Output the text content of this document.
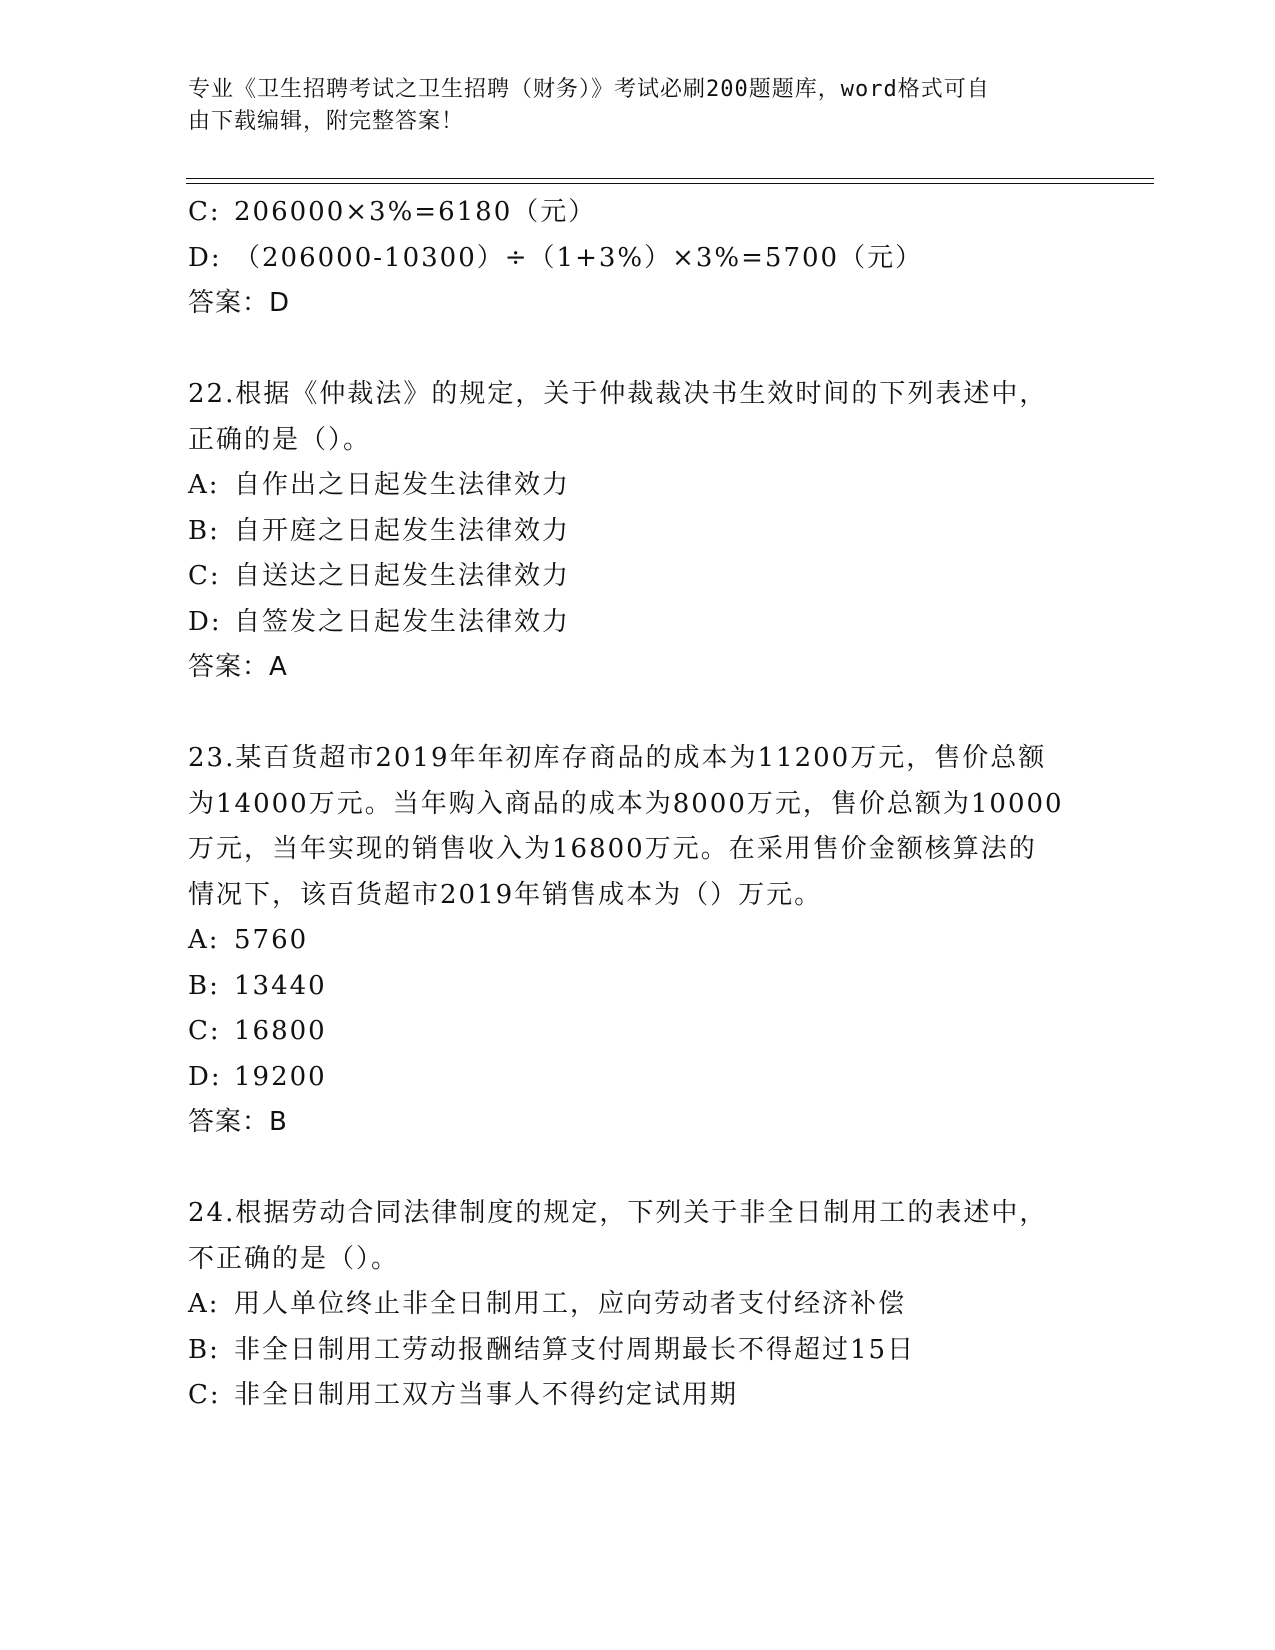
专业《卫生招聘考试之卫生招聘（财务）》考试必刷200题题库，word格式可自
由下载编辑，附完整答案！
C: 206000×3%=6180（元）
D: （206000-10300）÷（1+3%）×3%=5700（元）
答案：D
22.根据《仲裁法》的规定，关于仲裁裁决书生效时间的下列表述中，
正确的是（）。
A: 自作出之日起发生法律效力
B: 自开庭之日起发生法律效力
C: 自送达之日起发生法律效力
D: 自签发之日起发生法律效力
答案：A
23.某百货超市2019年年初库存商品的成本为11200万元，售价总额
为14000万元。当年购入商品的成本为8000万元，售价总额为10000
万元，当年实现的销售收入为16800万元。在采用售价金额核算法的
情况下，该百货超市2019年销售成本为（）万元。
A: 5760
B: 13440
C: 16800
D: 19200
答案：B
24.根据劳动合同法律制度的规定，下列关于非全日制用工的表述中，
不正确的是（）。
A: 用人单位终止非全日制用工，应向劳动者支付经济补偿
B: 非全日制用工劳动报酬结算支付周期最长不得超过15日
C: 非全日制用工双方当事人不得约定试用期
